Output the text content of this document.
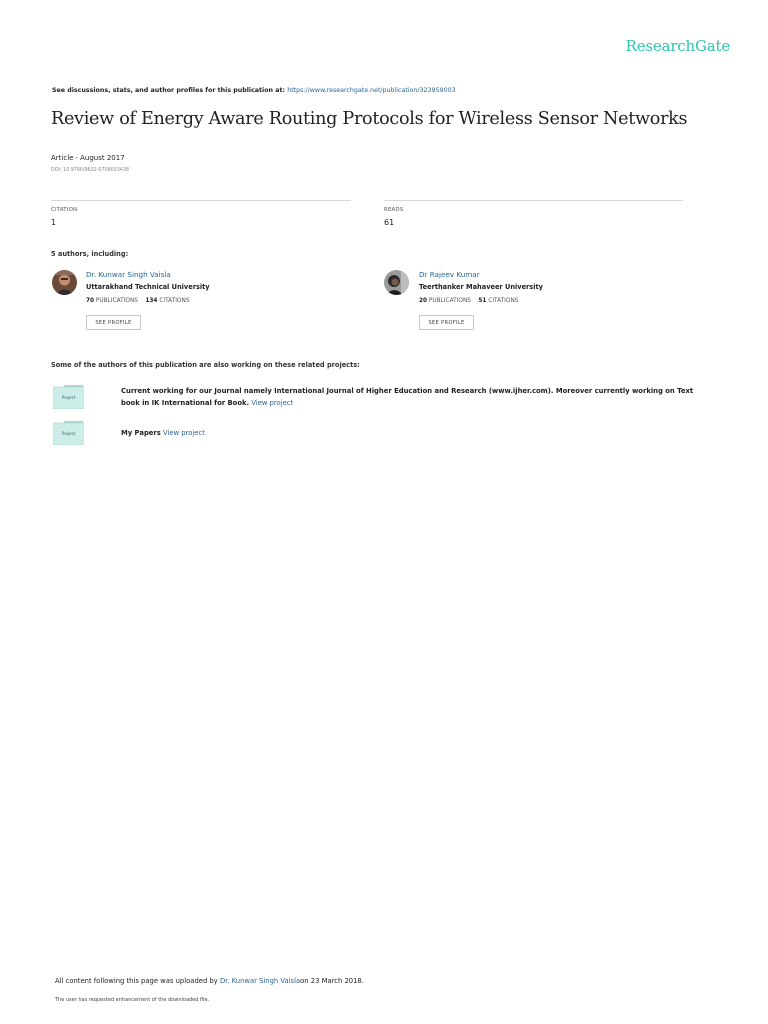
ResearchGate
See discussions, stats, and author profiles for this publication at: https://www.researchgate.net/publication/323959003
Review of Energy Aware Routing Protocols for Wireless Sensor Networks
Article · August 2017
DOI: 10.9790/9622-0708033438
CITATION
1
READS
61
5 authors, including:
Dr. Kunwar Singh Vaisla
Uttarakhand Technical University
70 PUBLICATIONS 134 CITATIONS
SEE PROFILE
Dr Rajeev Kumar
Teerthanker Mahaveer University
20 PUBLICATIONS 51 CITATIONS
SEE PROFILE
Some of the authors of this publication are also working on these related projects:
Project
Current working for our Journal namely International Journal of Higher Education and Research (www.ijher.com). Moreover currently working on Text book in IK International for Book. View project
Project	My Papers View project
All content following this page was uploaded by Dr. Kunwar Singh Vaislaon 23 March 2018.
The user has requested enhancement of the downloaded file.
